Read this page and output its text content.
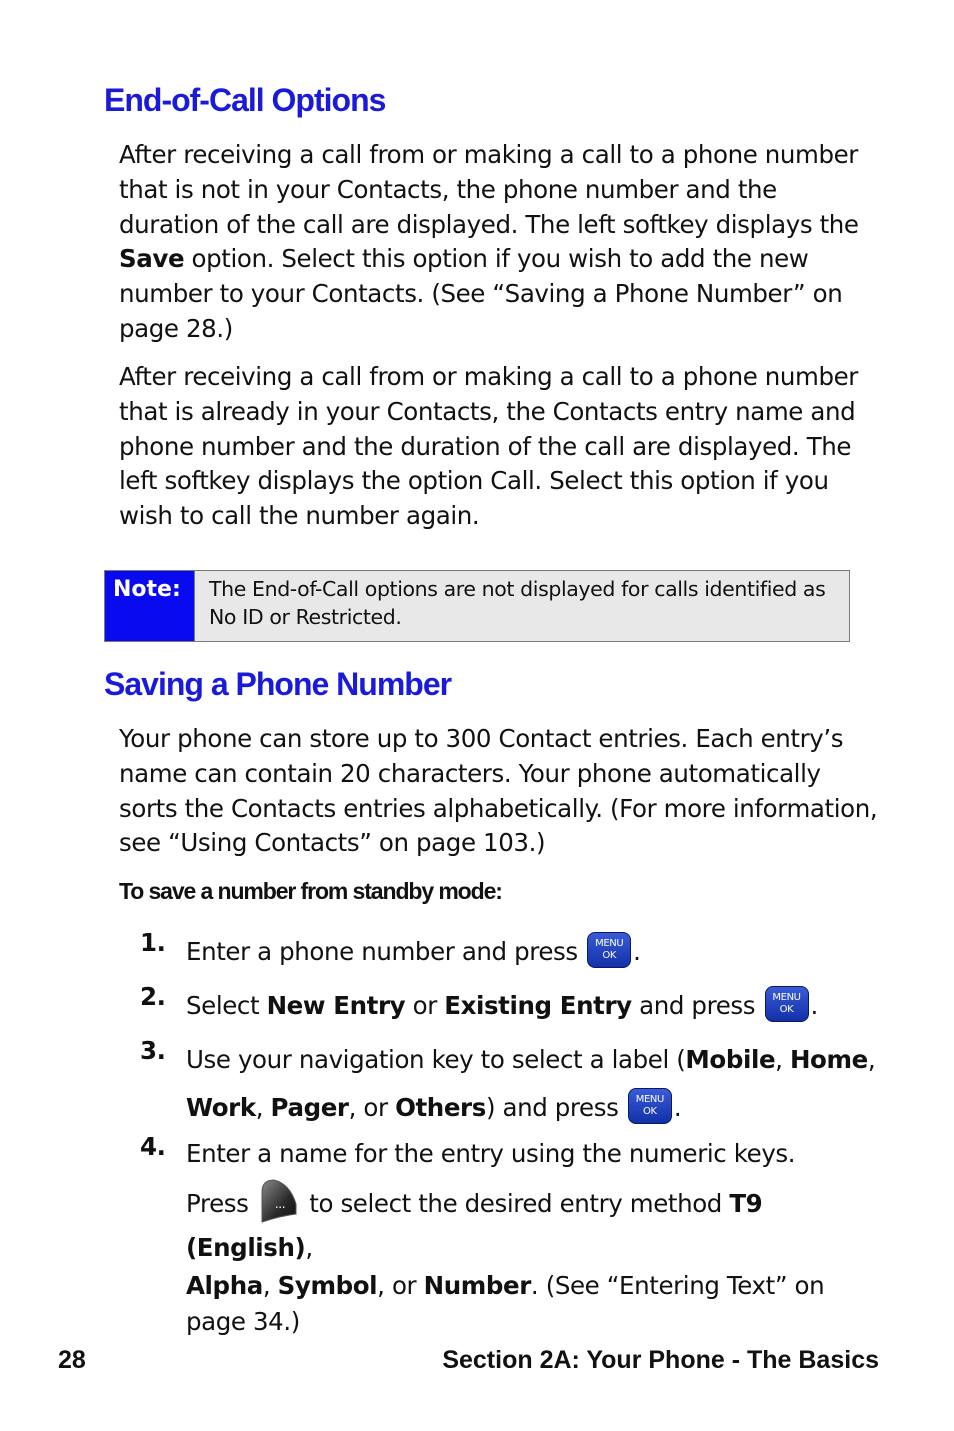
End-of-Call Options

After receiving a call from or making a call to a phone number that is not in your Contacts, the phone number and the duration of the call are displayed. The left softkey displays the Save option. Select this option if you wish to add the new number to your Contacts. (See “Saving a Phone Number” on page 28.)

After receiving a call from or making a call to a phone number that is already in your Contacts, the Contacts entry name and phone number and the duration of the call are displayed. The left softkey displays the option Call. Select this option if you wish to call the number again.

Note:	The End-of-Call options are not displayed for calls identified as No ID or Restricted.
Saving a Phone Number

Your phone can store up to 300 Contact entries. Each entry’s name can contain 20 characters. Your phone automatically sorts the Contacts entries alphabetically. (For more information, see “Using Contacts” on page 103.)

To save a number from standby mode:

1. Enter a phone number and press MENU
OK .
2. Select New Entry or Existing Entry and press MENU
OK .
3. Use your navigation key to select a label (Mobile, Home, Work, Pager, or Others) and press MENU
OK .
4. Enter a name for the entry using the numeric keys.
Press ... to select the desired entry method T9 (English),
Alpha, Symbol, or Number. (See “Entering Text” on page 34.)
28	Section 2A: Your Phone - The Basics
